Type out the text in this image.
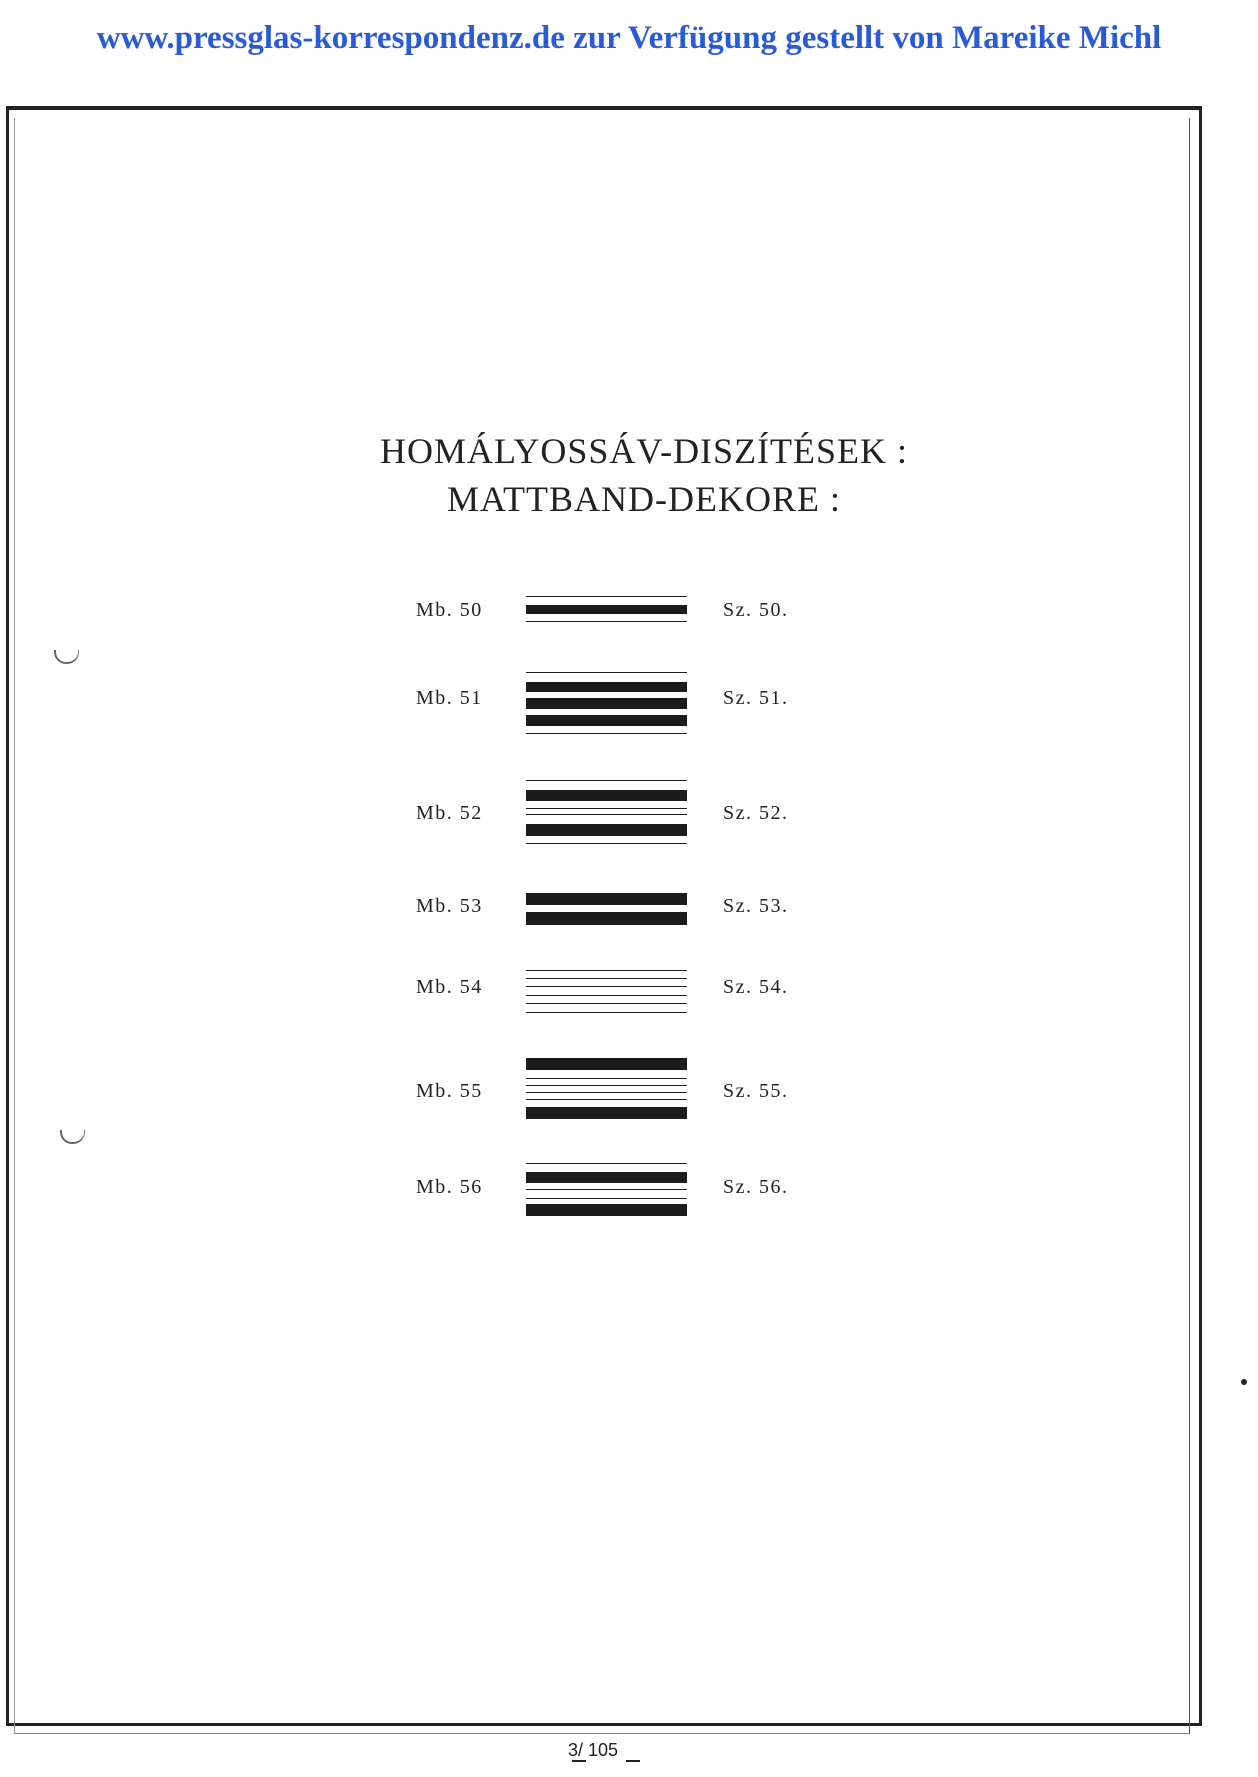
www.pressglas-korrespondenz.de zur Verfügung gestellt von Mareike Michl
HOMÁLYOSSÁV-DISZÍTÉSEK :
MATTBAND-DEKORE :
Mb. 50	Sz. 50.
Mb. 51	Sz. 51.
Mb. 52	Sz. 52.
Mb. 53	Sz. 53.
Mb. 54	Sz. 54.
Mb. 55	Sz. 55.
Mb. 56	Sz. 56.
3/ 105
